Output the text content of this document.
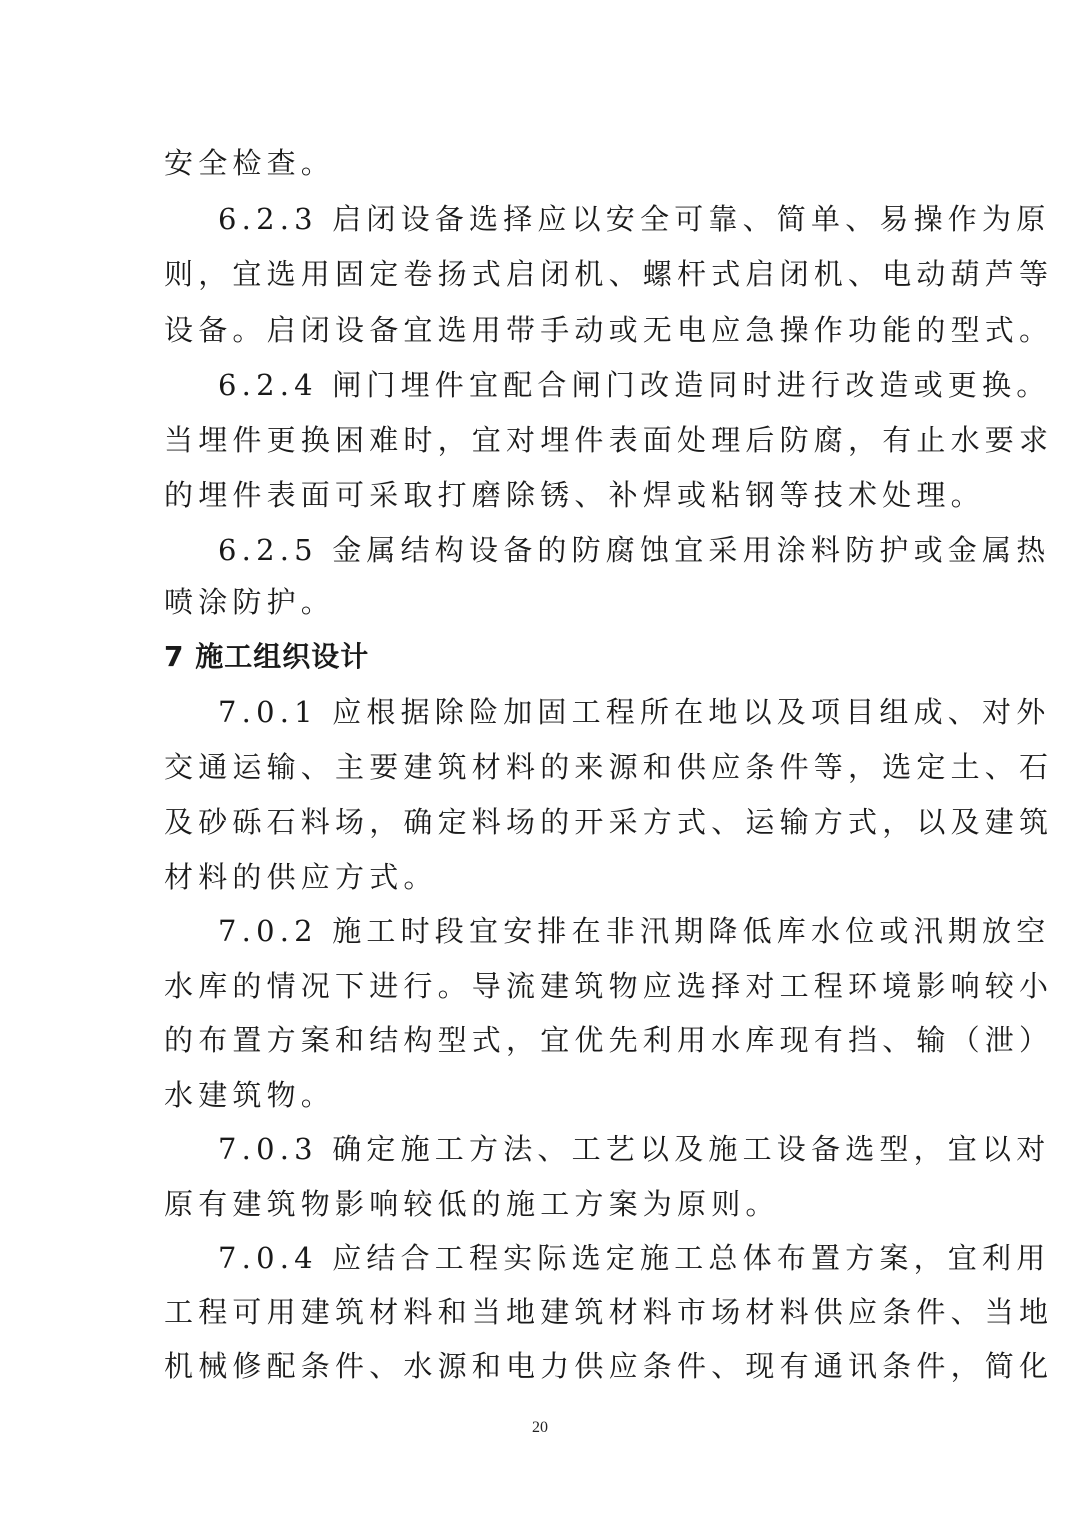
安全检查。
6.2.3 启闭设备选择应以安全可靠、简单、易操作为原
则，宜选用固定卷扬式启闭机、螺杆式启闭机、电动葫芦等
设备。启闭设备宜选用带手动或无电应急操作功能的型式。
6.2.4 闸门埋件宜配合闸门改造同时进行改造或更换。
当埋件更换困难时，宜对埋件表面处理后防腐，有止水要求
的埋件表面可采取打磨除锈、补焊或粘钢等技术处理。
6.2.5 金属结构设备的防腐蚀宜采用涂料防护或金属热
喷涂防护。
7 施工组织设计
7.0.1 应根据除险加固工程所在地以及项目组成、对外
交通运输、主要建筑材料的来源和供应条件等，选定土、石
及砂砾石料场，确定料场的开采方式、运输方式，以及建筑
材料的供应方式。
7.0.2 施工时段宜安排在非汛期降低库水位或汛期放空
水库的情况下进行。导流建筑物应选择对工程环境影响较小
的布置方案和结构型式，宜优先利用水库现有挡、输（泄）
水建筑物。
7.0.3 确定施工方法、工艺以及施工设备选型，宜以对
原有建筑物影响较低的施工方案为原则。
7.0.4 应结合工程实际选定施工总体布置方案，宜利用
工程可用建筑材料和当地建筑材料市场材料供应条件、当地
机械修配条件、水源和电力供应条件、现有通讯条件，简化
20
